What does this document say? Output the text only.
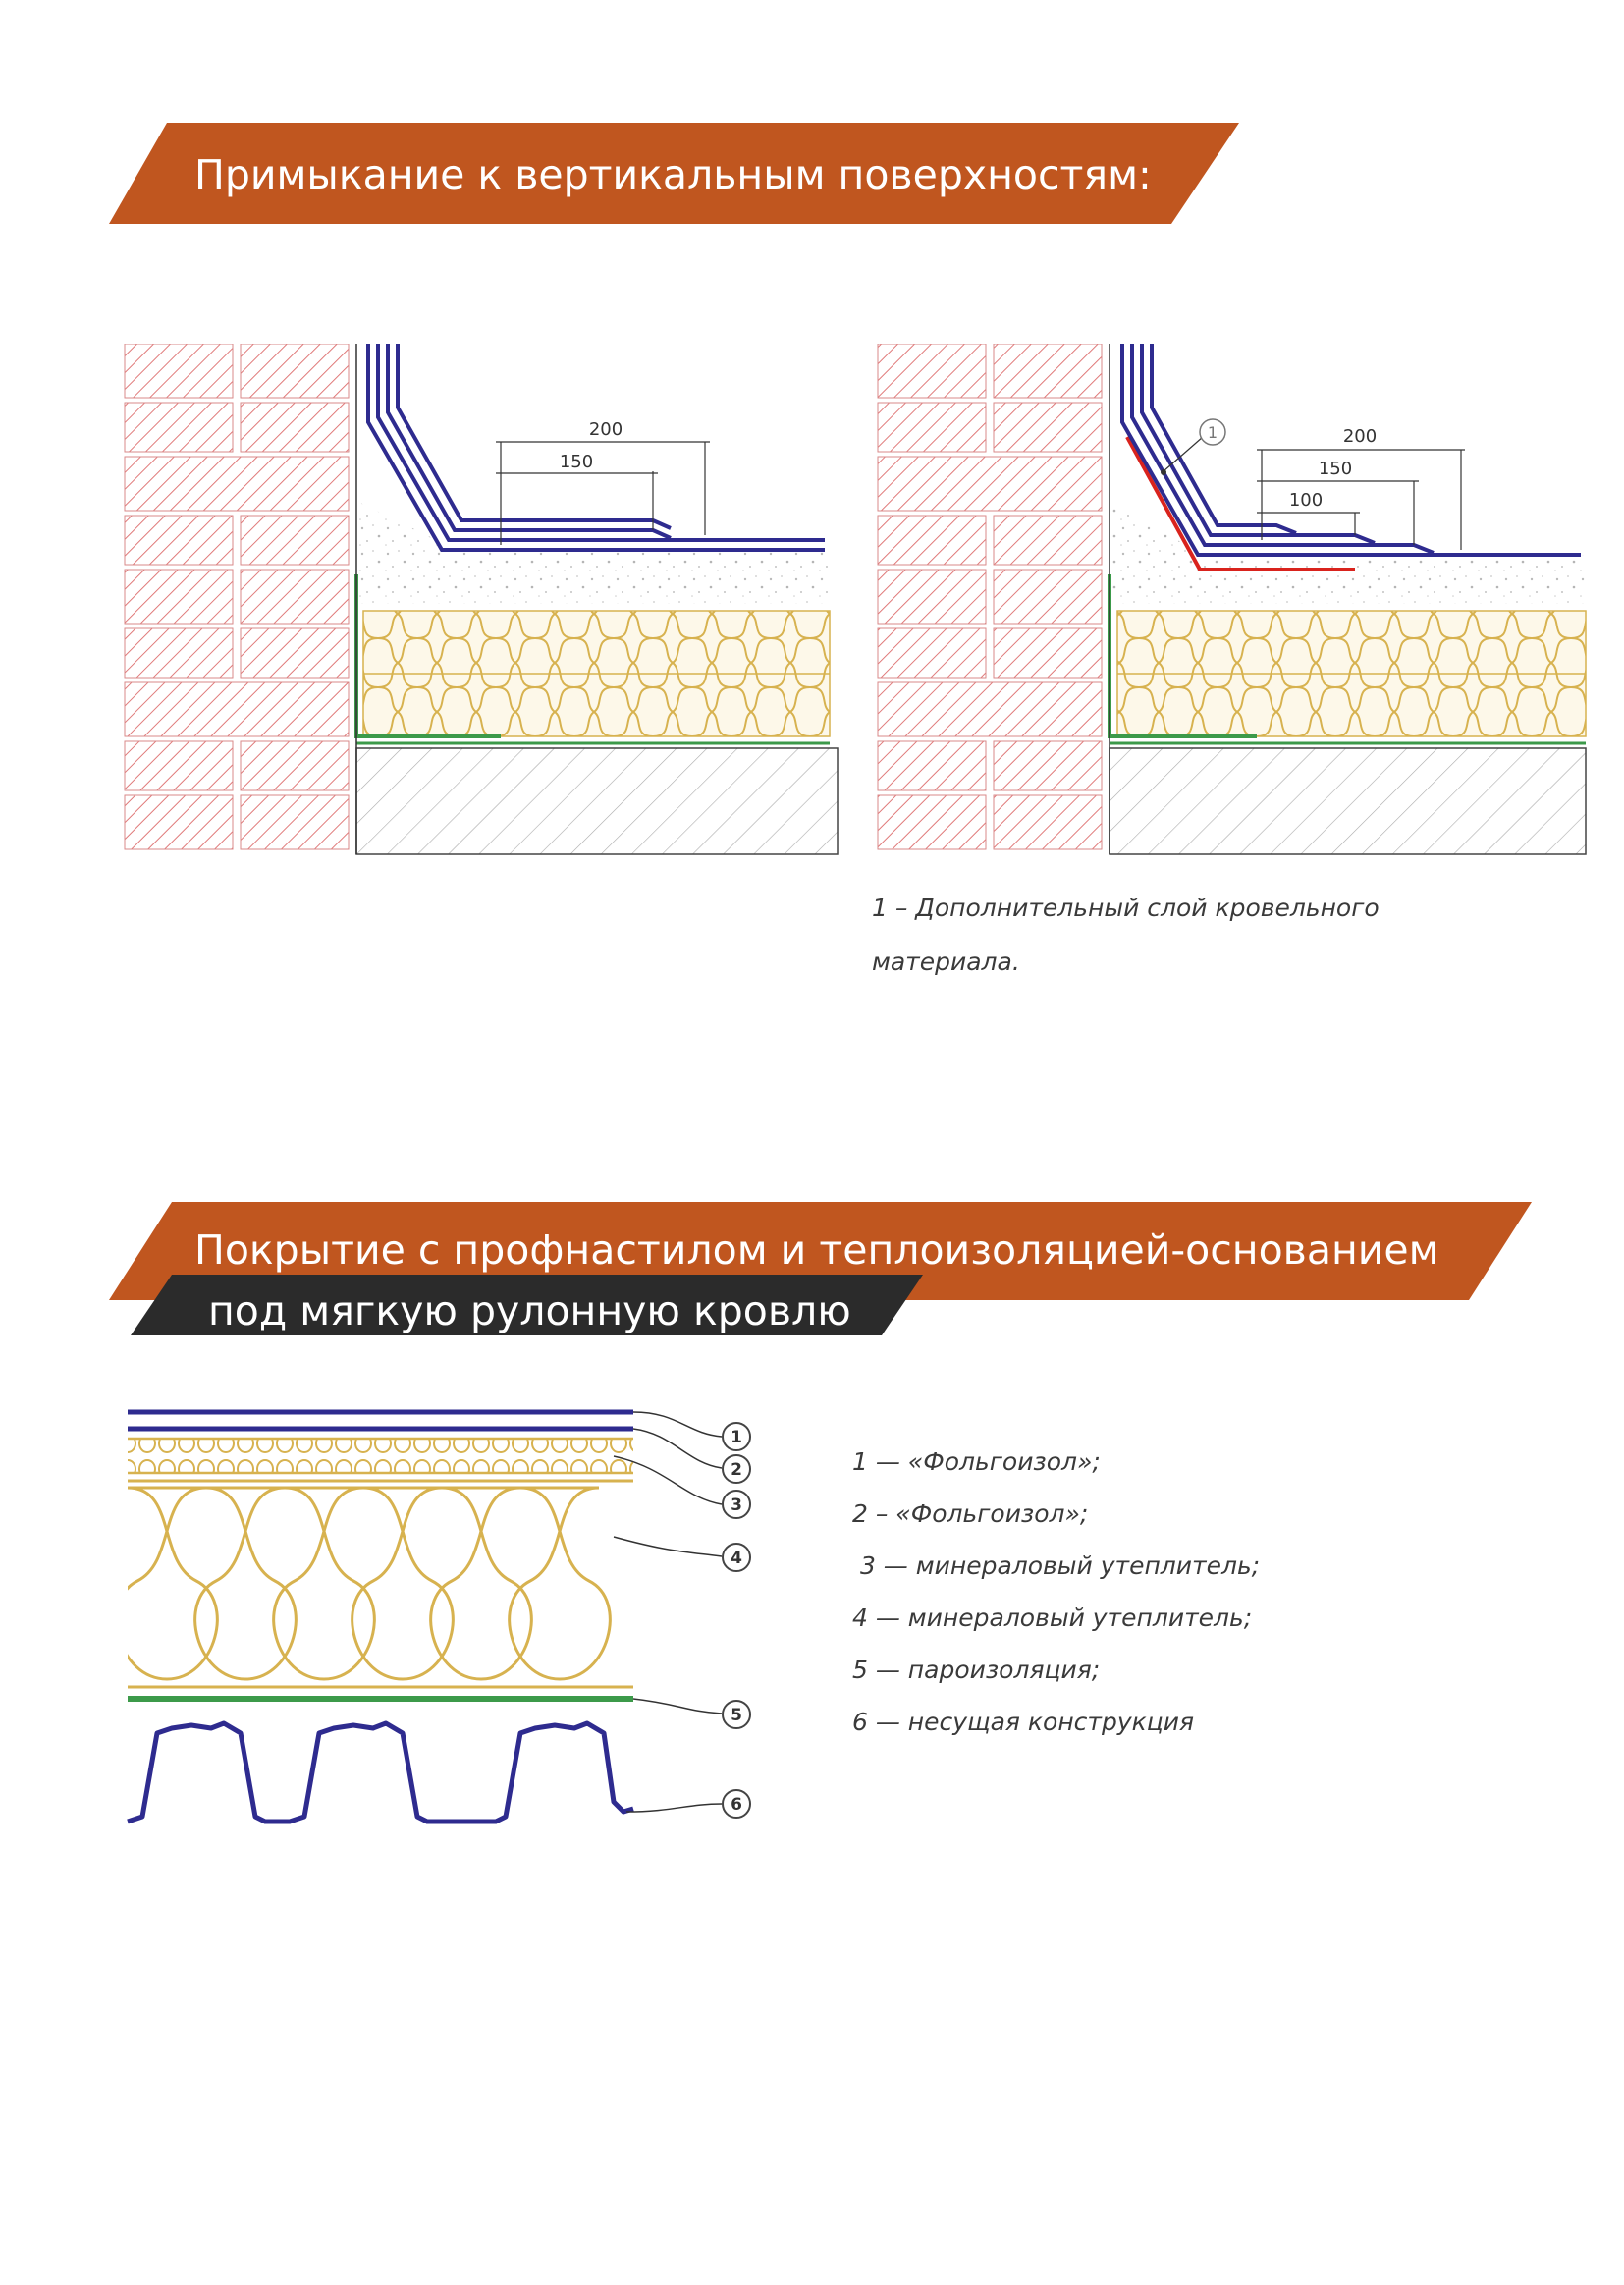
Примыкание к вертикальным поверхностям:
200
150
1	200
150
100
1 – Дополнительный слой кровельного
материала.
Покрытие с профнастилом и теплоизоляцией-основанием
под мягкую рулонную кровлю
1
2
3
4
5
6
1 — «Фольгоизол»;
2 – «Фольгоизол»;
3 — минераловый утеплитель;
4 — минераловый утеплитель;
5 — пароизоляция;
6 — несущая конструкция
